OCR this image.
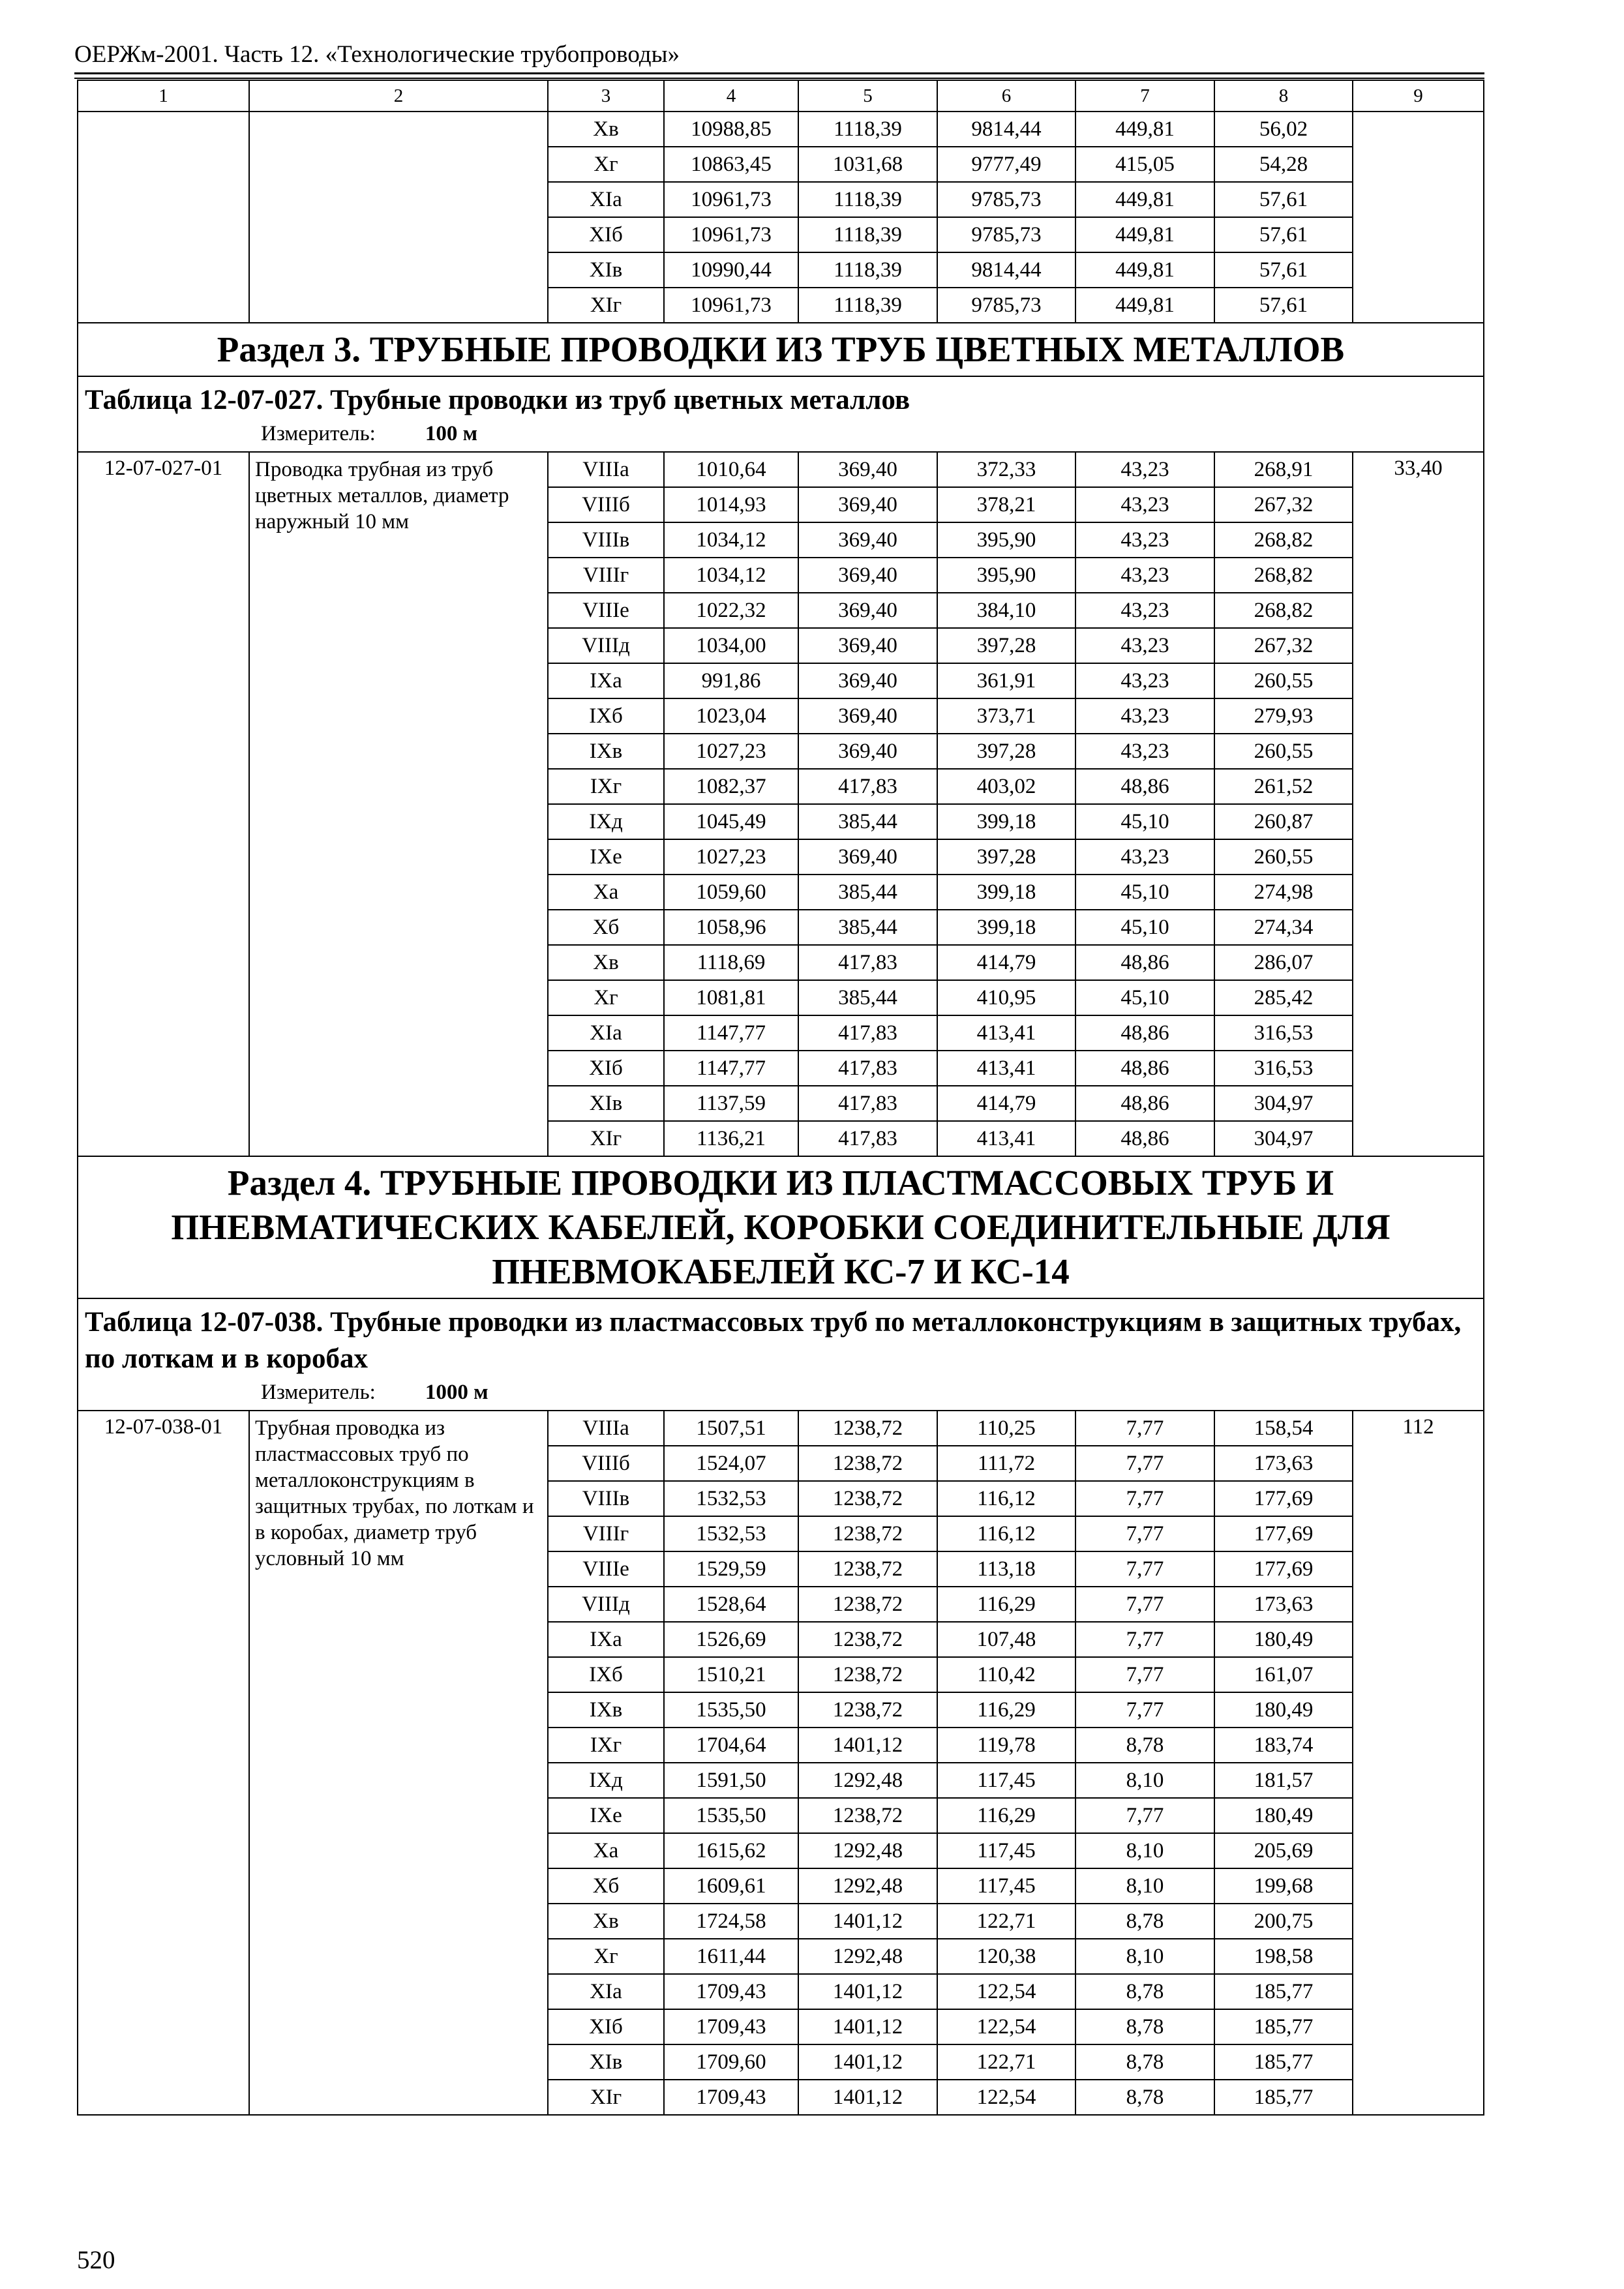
ОЕРЖм-2001. Часть 12. «Технологические трубопроводы»
1	2	3	4	5	6	7	8	9
		Xв	10988,85	1118,39	9814,44	449,81	56,02	
		Xг	10863,45	1031,68	9777,49	415,05	54,28	
		XIа	10961,73	1118,39	9785,73	449,81	57,61	
		XIб	10961,73	1118,39	9785,73	449,81	57,61	
		XIв	10990,44	1118,39	9814,44	449,81	57,61	
		XIг	10961,73	1118,39	9785,73	449,81	57,61	
Раздел 3. ТРУБНЫЕ ПРОВОДКИ ИЗ ТРУБ ЦВЕТНЫХ МЕТАЛЛОВ								

Таблица 12-07-027. Трубные проводки из труб цветных металлов
Измеритель: 100 м								

12-07-027-01	Проводка трубная из труб цветных металлов, диаметр наружный 10 мм	VIIIа	1010,64	369,40	372,33	43,23	268,91	33,40
		VIIIб	1014,93	369,40	378,21	43,23	267,32	
		VIIIв	1034,12	369,40	395,90	43,23	268,82	
		VIIIг	1034,12	369,40	395,90	43,23	268,82	
		VIIIе	1022,32	369,40	384,10	43,23	268,82	
		VIIIд	1034,00	369,40	397,28	43,23	267,32	
		IXа	991,86	369,40	361,91	43,23	260,55	
		IXб	1023,04	369,40	373,71	43,23	279,93	
		IXв	1027,23	369,40	397,28	43,23	260,55	
		IXг	1082,37	417,83	403,02	48,86	261,52	
		IXд	1045,49	385,44	399,18	45,10	260,87	
		IXе	1027,23	369,40	397,28	43,23	260,55	
		Xа	1059,60	385,44	399,18	45,10	274,98	
		Xб	1058,96	385,44	399,18	45,10	274,34	
		Xв	1118,69	417,83	414,79	48,86	286,07	
		Xг	1081,81	385,44	410,95	45,10	285,42	
		XIа	1147,77	417,83	413,41	48,86	316,53	
		XIб	1147,77	417,83	413,41	48,86	316,53	
		XIв	1137,59	417,83	414,79	48,86	304,97	
		XIг	1136,21	417,83	413,41	48,86	304,97	
Раздел 4. ТРУБНЫЕ ПРОВОДКИ ИЗ ПЛАСТМАССОВЫХ ТРУБ И ПНЕВМАТИЧЕСКИХ КАБЕЛЕЙ, КОРОБКИ СОЕДИНИТЕЛЬНЫЕ ДЛЯ ПНЕВМОКАБЕЛЕЙ КС-7 И КС-14								

Таблица 12-07-038. Трубные проводки из пластмассовых труб по металлоконструкциям в защитных трубах, по лоткам и в коробах
Измеритель: 1000 м								

12-07-038-01	Трубная проводка из пластмассовых труб по металлоконструкциям в защитных трубах, по лоткам и в коробах, диаметр труб условный 10 мм	VIIIа	1507,51	1238,72	110,25	7,77	158,54	112
		VIIIб	1524,07	1238,72	111,72	7,77	173,63	
		VIIIв	1532,53	1238,72	116,12	7,77	177,69	
		VIIIг	1532,53	1238,72	116,12	7,77	177,69	
		VIIIе	1529,59	1238,72	113,18	7,77	177,69	
		VIIIд	1528,64	1238,72	116,29	7,77	173,63	
		IXа	1526,69	1238,72	107,48	7,77	180,49	
		IXб	1510,21	1238,72	110,42	7,77	161,07	
		IXв	1535,50	1238,72	116,29	7,77	180,49	
		IXг	1704,64	1401,12	119,78	8,78	183,74	
		IXд	1591,50	1292,48	117,45	8,10	181,57	
		IXе	1535,50	1238,72	116,29	7,77	180,49	
		Xа	1615,62	1292,48	117,45	8,10	205,69	
		Xб	1609,61	1292,48	117,45	8,10	199,68	
		Xв	1724,58	1401,12	122,71	8,78	200,75	
		Xг	1611,44	1292,48	120,38	8,10	198,58	
		XIа	1709,43	1401,12	122,54	8,78	185,77	
		XIб	1709,43	1401,12	122,54	8,78	185,77	
		XIв	1709,60	1401,12	122,71	8,78	185,77	
		XIг	1709,43	1401,12	122,54	8,78	185,77	
520
